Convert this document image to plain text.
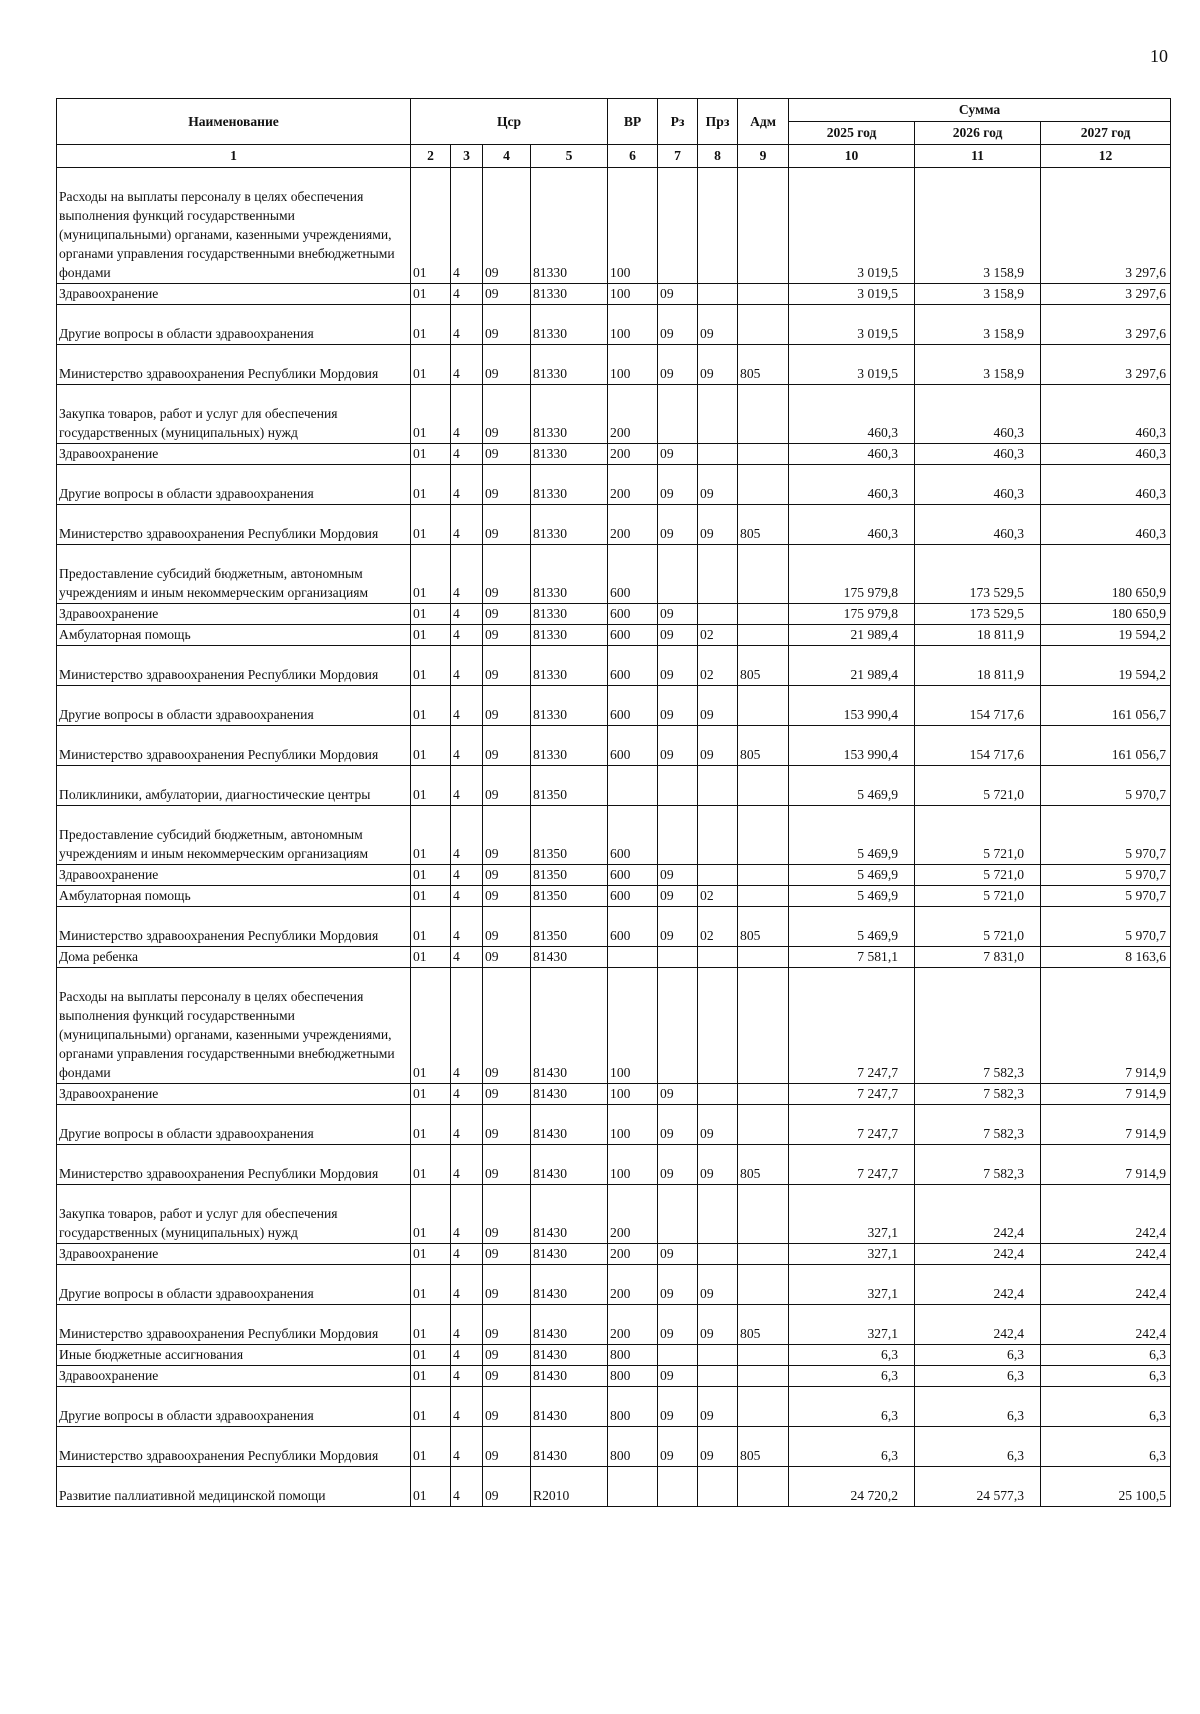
10
Наименование	Цср				ВР	Рз	Прз	Адм	Сумма		
									2025 год	2026 год	2027 год
1	2	3	4	5	6	7	8	9	10	11	12
Расходы на выплаты персоналу в целях обеспечения выполнения функций государственными (муниципальными) органами, казенными учреждениями, органами управления государственными внебюджетными фондами	01	4	09	81330	100				3 019,5	3 158,9	3 297,6
Здравоохранение	01	4	09	81330	100	09			3 019,5	3 158,9	3 297,6
Другие вопросы в области здравоохранения	01	4	09	81330	100	09	09		3 019,5	3 158,9	3 297,6
Министерство здравоохранения Республики Мордовия	01	4	09	81330	100	09	09	805	3 019,5	3 158,9	3 297,6
Закупка товаров, работ и услуг для обеспечения государственных (муниципальных) нужд	01	4	09	81330	200				460,3	460,3	460,3
Здравоохранение	01	4	09	81330	200	09			460,3	460,3	460,3
Другие вопросы в области здравоохранения	01	4	09	81330	200	09	09		460,3	460,3	460,3
Министерство здравоохранения Республики Мордовия	01	4	09	81330	200	09	09	805	460,3	460,3	460,3
Предоставление субсидий бюджетным, автономным учреждениям и иным некоммерческим организациям	01	4	09	81330	600				175 979,8	173 529,5	180 650,9
Здравоохранение	01	4	09	81330	600	09			175 979,8	173 529,5	180 650,9
Амбулаторная помощь	01	4	09	81330	600	09	02		21 989,4	18 811,9	19 594,2
Министерство здравоохранения Республики Мордовия	01	4	09	81330	600	09	02	805	21 989,4	18 811,9	19 594,2
Другие вопросы в области здравоохранения	01	4	09	81330	600	09	09		153 990,4	154 717,6	161 056,7
Министерство здравоохранения Республики Мордовия	01	4	09	81330	600	09	09	805	153 990,4	154 717,6	161 056,7
Поликлиники, амбулатории, диагностические центры	01	4	09	81350					5 469,9	5 721,0	5 970,7
Предоставление субсидий бюджетным, автономным учреждениям и иным некоммерческим организациям	01	4	09	81350	600				5 469,9	5 721,0	5 970,7
Здравоохранение	01	4	09	81350	600	09			5 469,9	5 721,0	5 970,7
Амбулаторная помощь	01	4	09	81350	600	09	02		5 469,9	5 721,0	5 970,7
Министерство здравоохранения Республики Мордовия	01	4	09	81350	600	09	02	805	5 469,9	5 721,0	5 970,7
Дома ребенка	01	4	09	81430					7 581,1	7 831,0	8 163,6
Расходы на выплаты персоналу в целях обеспечения выполнения функций государственными (муниципальными) органами, казенными учреждениями, органами управления государственными внебюджетными фондами	01	4	09	81430	100				7 247,7	7 582,3	7 914,9
Здравоохранение	01	4	09	81430	100	09			7 247,7	7 582,3	7 914,9
Другие вопросы в области здравоохранения	01	4	09	81430	100	09	09		7 247,7	7 582,3	7 914,9
Министерство здравоохранения Республики Мордовия	01	4	09	81430	100	09	09	805	7 247,7	7 582,3	7 914,9
Закупка товаров, работ и услуг для обеспечения государственных (муниципальных) нужд	01	4	09	81430	200				327,1	242,4	242,4
Здравоохранение	01	4	09	81430	200	09			327,1	242,4	242,4
Другие вопросы в области здравоохранения	01	4	09	81430	200	09	09		327,1	242,4	242,4
Министерство здравоохранения Республики Мордовия	01	4	09	81430	200	09	09	805	327,1	242,4	242,4
Иные бюджетные ассигнования	01	4	09	81430	800				6,3	6,3	6,3
Здравоохранение	01	4	09	81430	800	09			6,3	6,3	6,3
Другие вопросы в области здравоохранения	01	4	09	81430	800	09	09		6,3	6,3	6,3
Министерство здравоохранения Республики Мордовия	01	4	09	81430	800	09	09	805	6,3	6,3	6,3
Развитие паллиативной медицинской помощи	01	4	09	R2010					24 720,2	24 577,3	25 100,5
